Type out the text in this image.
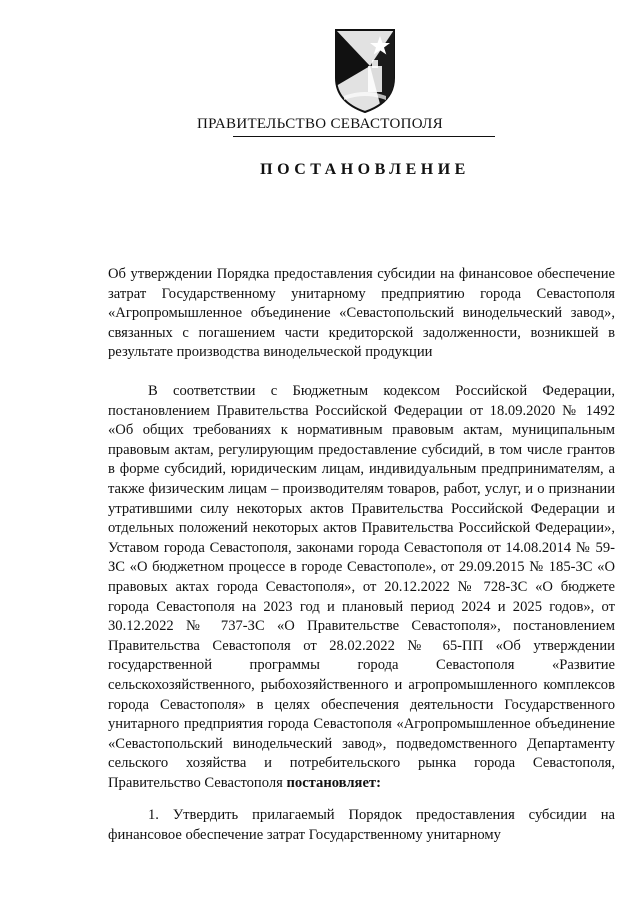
ПРАВИТЕЛЬСТВО СЕВАСТОПОЛЯ
ПОСТАНОВЛЕНИЕ
Об утверждении Порядка предоставления субсидии на финансовое обеспечение затрат Государственному унитарному предприятию города Севастополя «Агропромышленное объединение «Севастопольский винодельческий завод», связанных с погашением части кредиторской задолженности, возникшей в результате производства винодельческой продукции

В соответствии с Бюджетным кодексом Российской Федерации, постановлением Правительства Российской Федерации от 18.09.2020 № 1492 «Об общих требованиях к нормативным правовым актам, муниципальным правовым актам, регулирующим предоставление субсидий, в том числе грантов в форме субсидий, юридическим лицам, индивидуальным предпринимателям, а также физическим лицам – производителям товаров, работ, услуг, и о признании утратившими силу некоторых актов Правительства Российской Федерации и отдельных положений некоторых актов Правительства Российской Федерации», Уставом города Севастополя, законами города Севастополя от 14.08.2014 № 59-ЗС «О бюджетном процессе в городе Севастополе», от 29.09.2015 № 185-ЗС «О правовых актах города Севастополя», от 20.12.2022 № 728-ЗС «О бюджете города Севастополя на 2023 год и плановый период 2024 и 2025 годов», от 30.12.2022 № 737-ЗС «О Правительстве Севастополя», постановлением Правительства Севастополя от 28.02.2022 № 65-ПП «Об утверждении государственной программы города Севастополя «Развитие сельскохозяйственного, рыбохозяйственного и агропромышленного комплексов города Севастополя» в целях обеспечения деятельности Государственного унитарного предприятия города Севастополя «Агропромышленное объединение «Севастопольский винодельческий завод», подведомственного Департаменту сельского хозяйства и потребительского рынка города Севастополя, Правительство Севастополя постановляет:

1. Утвердить прилагаемый Порядок предоставления субсидии на финансовое обеспечение затрат Государственному унитарному
